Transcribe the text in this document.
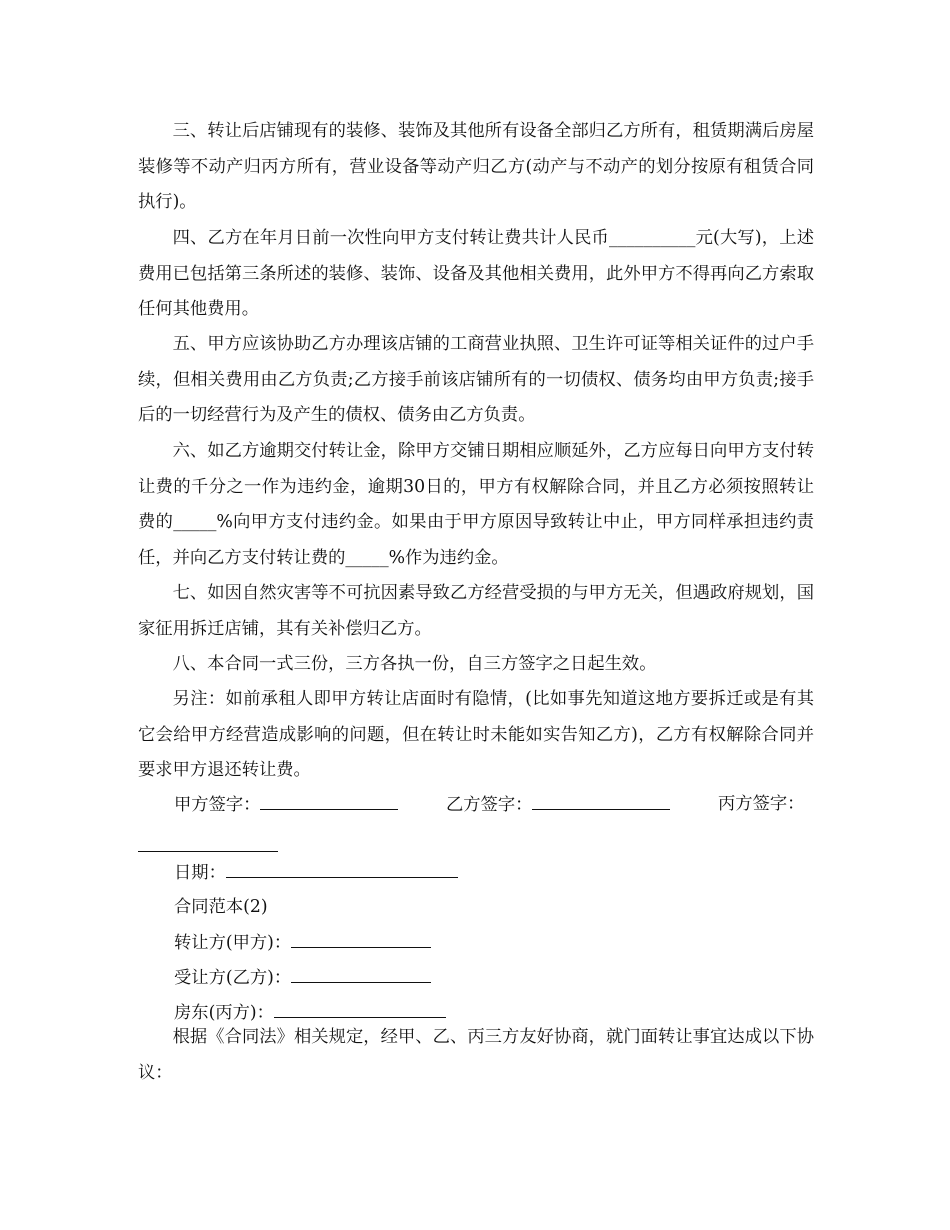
三、转让后店铺现有的装修、装饰及其他所有设备全部归乙方所有，租赁期满后房屋装修等不动产归丙方所有，营业设备等动产归乙方(动产与不动产的划分按原有租赁合同执行)。

四、乙方在年月日前一次性向甲方支付转让费共计人民币__________元(大写)，上述费用已包括第三条所述的装修、装饰、设备及其他相关费用，此外甲方不得再向乙方索取任何其他费用。

五、甲方应该协助乙方办理该店铺的工商营业执照、卫生许可证等相关证件的过户手续，但相关费用由乙方负责;乙方接手前该店铺所有的一切债权、债务均由甲方负责;接手后的一切经营行为及产生的债权、债务由乙方负责。

六、如乙方逾期交付转让金，除甲方交铺日期相应顺延外，乙方应每日向甲方支付转让费的千分之一作为违约金，逾期30日的，甲方有权解除合同，并且乙方必须按照转让费的_____%向甲方支付违约金。如果由于甲方原因导致转让中止，甲方同样承担违约责任，并向乙方支付转让费的_____%作为违约金。

七、如因自然灾害等不可抗因素导致乙方经营受损的与甲方无关，但遇政府规划，国家征用拆迁店铺，其有关补偿归乙方。

八、本合同一式三份，三方各执一份，自三方签字之日起生效。

另注：如前承租人即甲方转让店面时有隐情，(比如事先知道这地方要拆迁或是有其它会给甲方经营造成影响的问题，但在转让时未能如实告知乙方)，乙方有权解除合同并要求甲方退还转让费。

甲方签字：	乙方签字：	丙方签字：
日期：
合同范本(2)
转让方(甲方)：
受让方(乙方)：
房东(丙方)：

根据《合同法》相关规定，经甲、乙、丙三方友好协商，就门面转让事宜达成以下协议：
